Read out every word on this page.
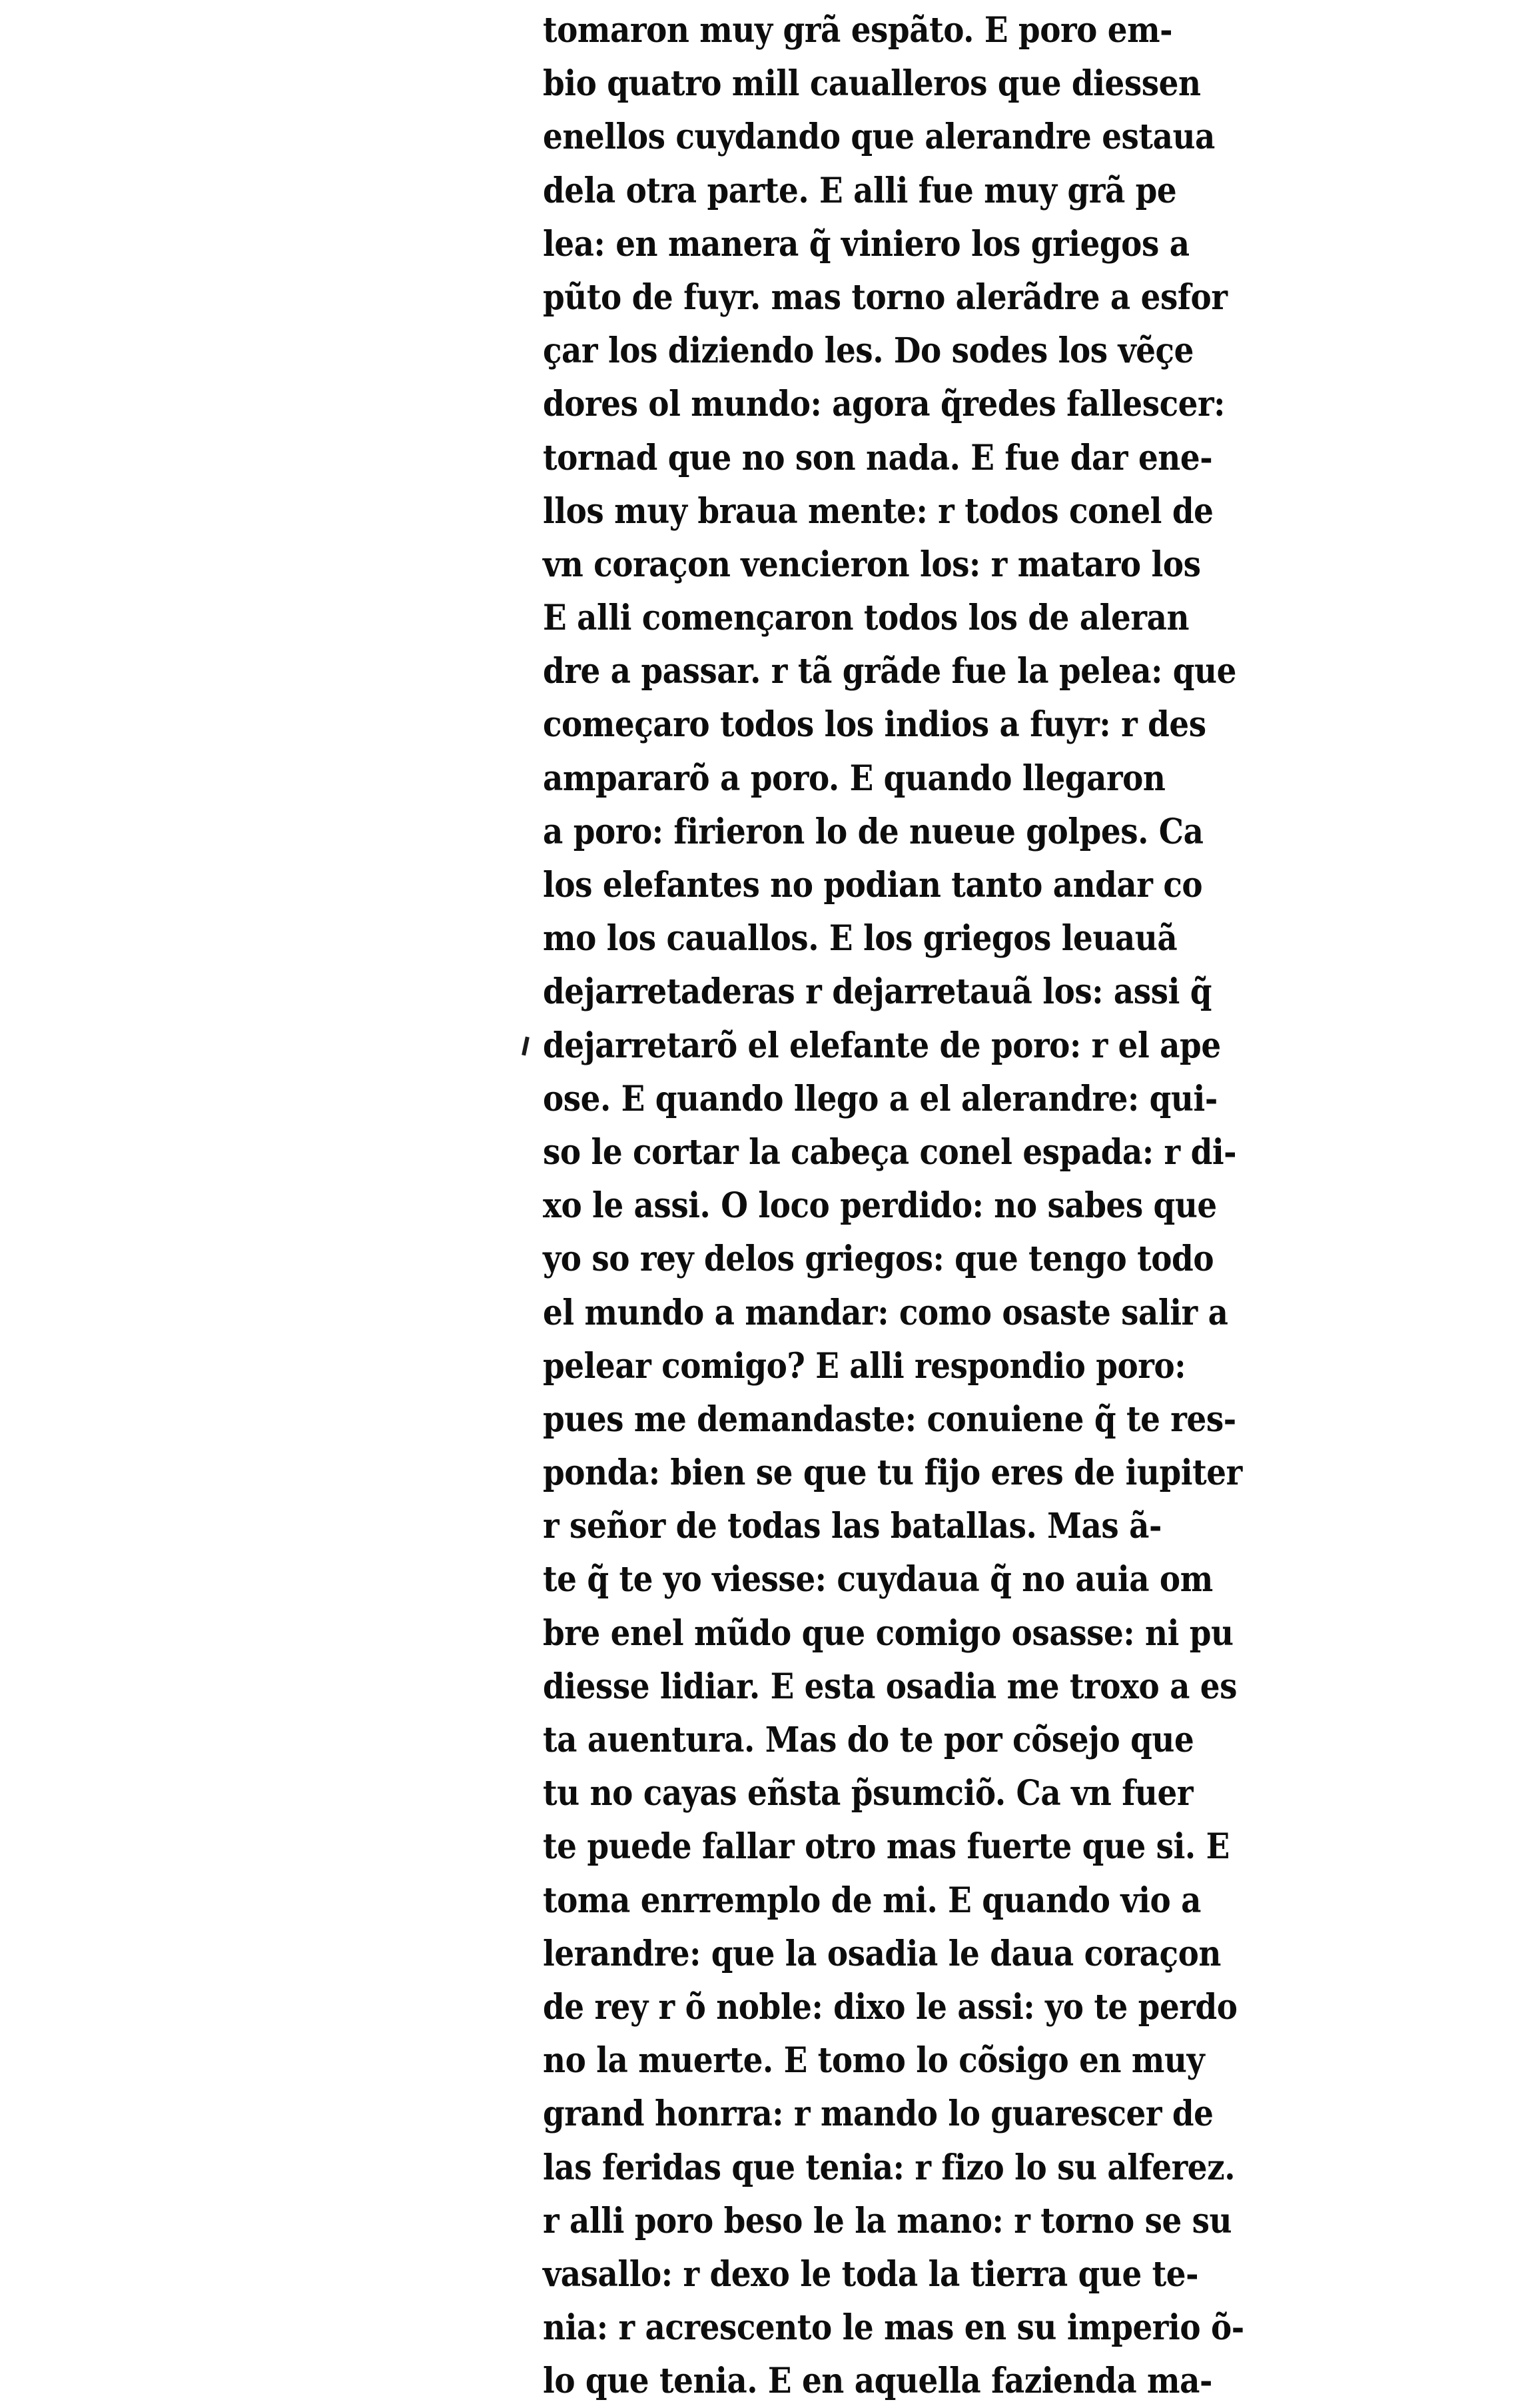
tomaron muy grã espãto. E poro em-
bio quatro mill caualleros que diessen
enellos cuydando que alerandre estaua
dela otra parte. E alli fue muy grã pe
lea: en manera q̃ viniero los griegos a
pũto de fuyr. mas torno alerãdre a esfor
çar los diziendo les. Do sodes los vẽçe
dores ol mundo: agora q̃redes fallescer:
tornad que no son nada. E fue dar ene-
llos muy braua mente: r todos conel de
vn coraçon vencieron los: r mataro los
E alli començaron todos los de aleran
dre a passar. r tã grãde fue la pelea: que
começaro todos los indios a fuyr: r des
ampararõ a poro. E quando llegaron
a poro: firieron lo de nueue golpes. Ca
los elefantes no podian tanto andar co
mo los cauallos. E los griegos leuauã
dejarretaderas r dejarretauã los: assi q̃
dejarretarõ el elefante de poro: r el ape
ose. E quando llego a el alerandre: qui-
so le cortar la cabeça conel espada: r di-
xo le assi. O loco perdido: no sabes que
yo so rey delos griegos: que tengo todo
el mundo a mandar: como osaste salir a
pelear comigo? E alli respondio poro:
pues me demandaste: conuiene q̃ te res-
ponda: bien se que tu fijo eres de iupiter
r señor de todas las batallas. Mas ã-
te q̃ te yo viesse: cuydaua q̃ no auia om
bre enel mũdo que comigo osasse: ni pu
diesse lidiar. E esta osadia me troxo a es
ta auentura. Mas do te por cõsejo que
tu no cayas eñsta p̃sumciõ. Ca vn fuer
te puede fallar otro mas fuerte que si. E
toma enrremplo de mi. E quando vio a
lerandre: que la osadia le daua coraçon
de rey r õ noble: dixo le assi: yo te perdo
no la muerte. E tomo lo cõsigo en muy
grand honrra: r mando lo guarescer de
las feridas que tenia: r fizo lo su alferez.
r alli poro beso le la mano: r torno se su
vasallo: r dexo le toda la tierra que te-
nia: r acrescento le mas en su imperio õ-
lo que tenia. E en aquella fazienda ma-
